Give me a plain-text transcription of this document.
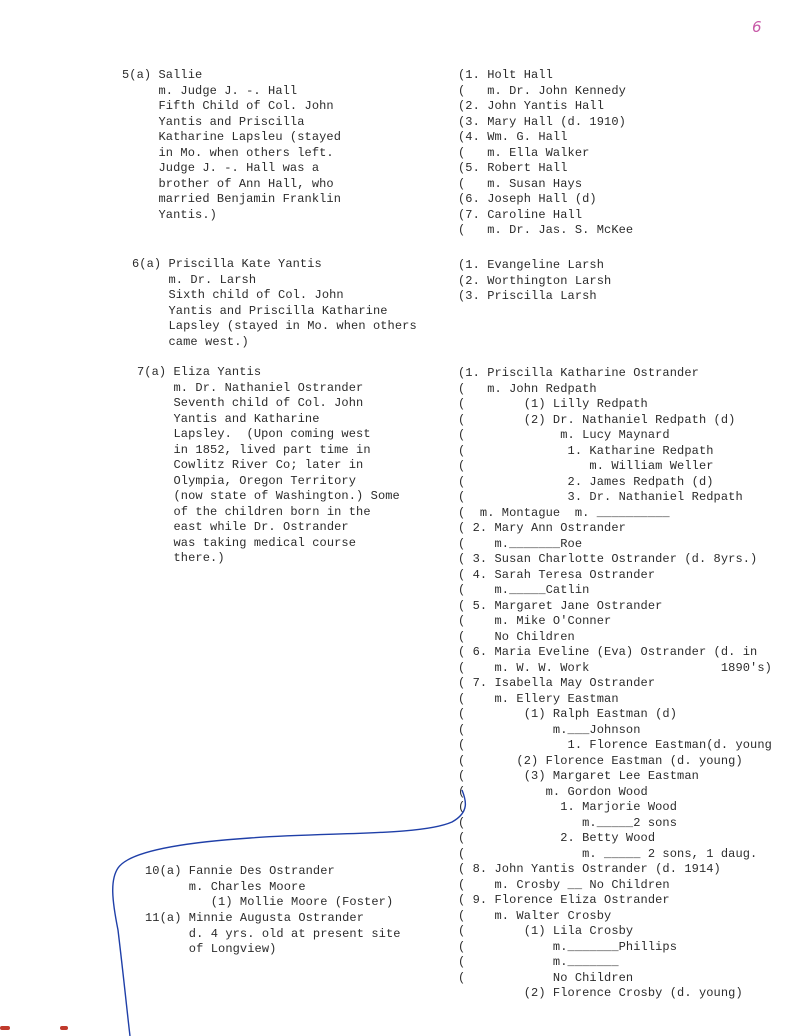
6
5(a) Sallie
m. Judge J. -. Hall
Fifth Child of Col. John
Yantis and Priscilla
Katharine Lapsleu (stayed
in Mo. when others left.
Judge J. -. Hall was a
brother of Ann Hall, who
married Benjamin Franklin
Yantis.)
6(a) Priscilla Kate Yantis
m. Dr. Larsh
Sixth child of Col. John
Yantis and Priscilla Katharine
Lapsley (stayed in Mo. when others
came west.)
7(a) Eliza Yantis
m. Dr. Nathaniel Ostrander
Seventh child of Col. John
Yantis and Katharine
Lapsley.  (Upon coming west
in 1852, lived part time in
Cowlitz River Co; later in
Olympia, Oregon Territory
(now state of Washington.) Some
of the children born in the
east while Dr. Ostrander
was taking medical course
there.)
10(a) Fannie Des Ostrander
m. Charles Moore
(1) Mollie Moore (Foster)
11(a) Minnie Augusta Ostrander
d. 4 yrs. old at present site
of Longview)
(1. Holt Hall
(   m. Dr. John Kennedy
(2. John Yantis Hall
(3. Mary Hall (d. 1910)
(4. Wm. G. Hall
(   m. Ella Walker
(5. Robert Hall
(   m. Susan Hays
(6. Joseph Hall (d)
(7. Caroline Hall
(   m. Dr. Jas. S. McKee
(1. Evangeline Larsh
(2. Worthington Larsh
(3. Priscilla Larsh
(1. Priscilla Katharine Ostrander
(   m. John Redpath
(        (1) Lilly Redpath
(        (2) Dr. Nathaniel Redpath (d)
(             m. Lucy Maynard
(              1. Katharine Redpath
(                 m. William Weller
(              2. James Redpath (d)
(              3. Dr. Nathaniel Redpath
(  m. Montague  m. __________
( 2. Mary Ann Ostrander
(    m._______Roe
( 3. Susan Charlotte Ostrander (d. 8yrs.)
( 4. Sarah Teresa Ostrander
(    m._____Catlin
( 5. Margaret Jane Ostrander
(    m. Mike O'Conner
(    No Children
( 6. Maria Eveline (Eva) Ostrander (d. in
(    m. W. W. Work                  1890's)
( 7. Isabella May Ostrander
(    m. Ellery Eastman
(        (1) Ralph Eastman (d)
(            m.___Johnson
(              1. Florence Eastman(d. young
(       (2) Florence Eastman (d. young)
(        (3) Margaret Lee Eastman
(           m. Gordon Wood
(             1. Marjorie Wood
(                m._____2 sons
(             2. Betty Wood
(                m. _____ 2 sons, 1 daug.
( 8. John Yantis Ostrander (d. 1914)
(    m. Crosby __ No Children
( 9. Florence Eliza Ostrander
(    m. Walter Crosby
(        (1) Lila Crosby
(            m._______Phillips
(            m._______
(            No Children
(2) Florence Crosby (d. young)
